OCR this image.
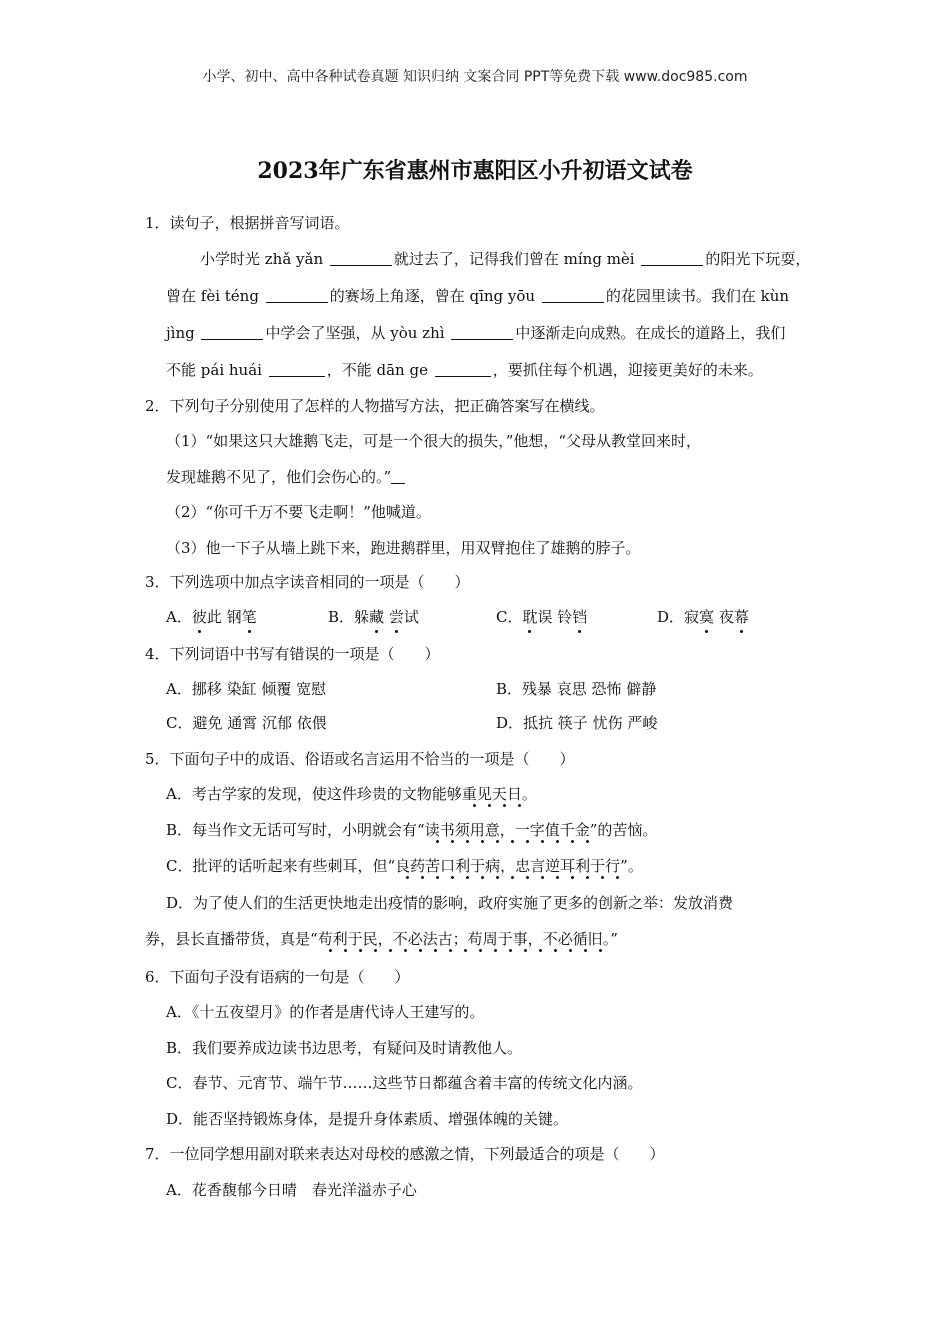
小学、初中、高中各种试卷真题 知识归纳 文案合同 PPT等免费下载 www.doc985.com
2023年广东省惠州市惠阳区小升初语文试卷
1．读句子，根据拼音写词语。
小学时光 zhǎ yǎn	就过去了，记得我们曾在 míng mèi	的阳光下玩耍，
曾在 fèi téng	的赛场上角逐，曾在 qīng yōu	的花园里读书。我们在 kùn
jìng	中学会了坚强，从 yòu zhì	中逐渐走向成熟。在成长的道路上，我们
不能 pái huái	，不能 dān ge	，要抓住每个机遇，迎接更美好的未来。
2．下列句子分别使用了怎样的人物描写方法，把正确答案写在横线。
（1）“如果这只大雄鹅飞走，可是一个很大的损失，”他想，“父母从教堂回来时，
发现雄鹅不见了，他们会伤心的。”
（2）“你可千万不要飞走啊！”他喊道。
（3）他一下子从墙上跳下来，跑进鹅群里，用双臂抱住了雄鹅的脖子。
3．下列选项中加点字读音相同的一项是（　　）
A．彼此 钢笔	B．躲藏 尝试	C．耽误 铃铛	D．寂寞 夜幕
4．下列词语中书写有错误的一项是（　　）
A．挪移 染缸 倾覆 宽慰	B．残暴 哀思 恐怖 僻静
C．避免 通霄 沉郁 依偎	D．抵抗 筷子 忧伤 严峻
5．下面句子中的成语、俗语或名言运用不恰当的一项是（　　）
A．考古学家的发现，使这件珍贵的文物能够重见天日。
B．每当作文无话可写时，小明就会有“读书须用意，一字值千金”的苦恼。
C．批评的话听起来有些刺耳，但“良药苦口利于病，忠言逆耳利于行”。
D．为了使人们的生活更快地走出疫情的影响，政府实施了更多的创新之举：发放消费
券，县长直播带货，真是“苟利于民，不必法古；苟周于事，不必循旧。”
6．下面句子没有语病的一句是（　　）
A．《十五夜望月》的作者是唐代诗人王建写的。
B．我们要养成边读书边思考，有疑问及时请教他人。
C．春节、元宵节、端午节……这些节日都蕴含着丰富的传统文化内涵。
D．能否坚持锻炼身体，是提升身体素质、增强体魄的关键。
7．一位同学想用副对联来表达对母校的感激之情，下列最适合的项是（　　）
A．花香馥郁今日晴　春光洋溢赤子心
